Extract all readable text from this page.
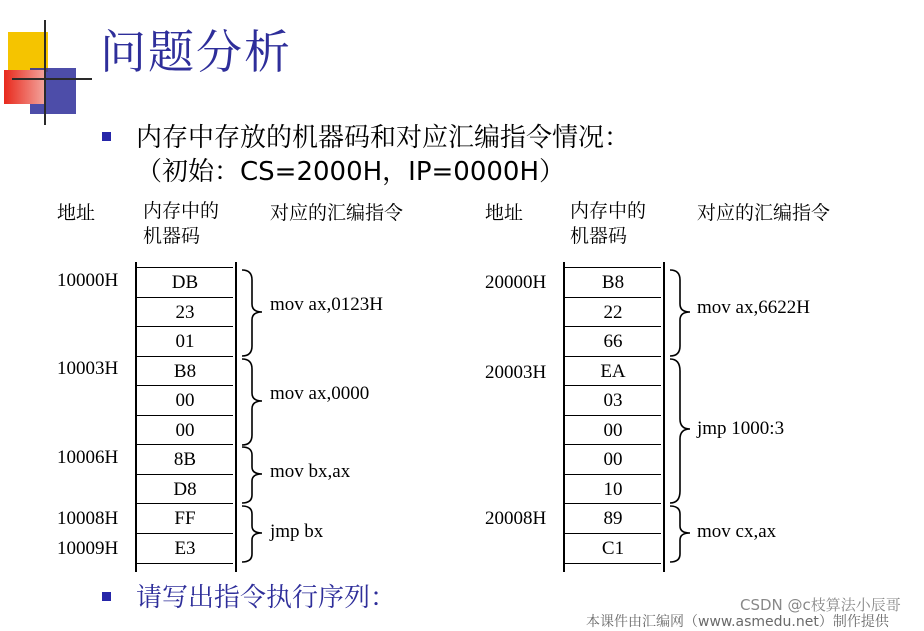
问题分析
内存中存放的机器码和对应汇编指令情况：
（初始：CS=2000H，IP=0000H）
地址	内存中的
机器码
对应的汇编指令	地址 内存中的
机器码
对应的汇编指令
DB
23
01
B8
00
00
8B
D8
FF
E3
10000H
10003H
10006H
10008H
10009H
mov ax,0123H
mov ax,0000
mov bx,ax
jmp bx
B8
22
66
EA
03
00
00
10
89
C1
20000H
20003H
20008H
mov ax,6622H
jmp 1000:3
mov cx,ax
请写出指令执行序列：
本课件由汇编网（www.asmedu.net）制作提供
CSDN @c枝算法小辰哥
